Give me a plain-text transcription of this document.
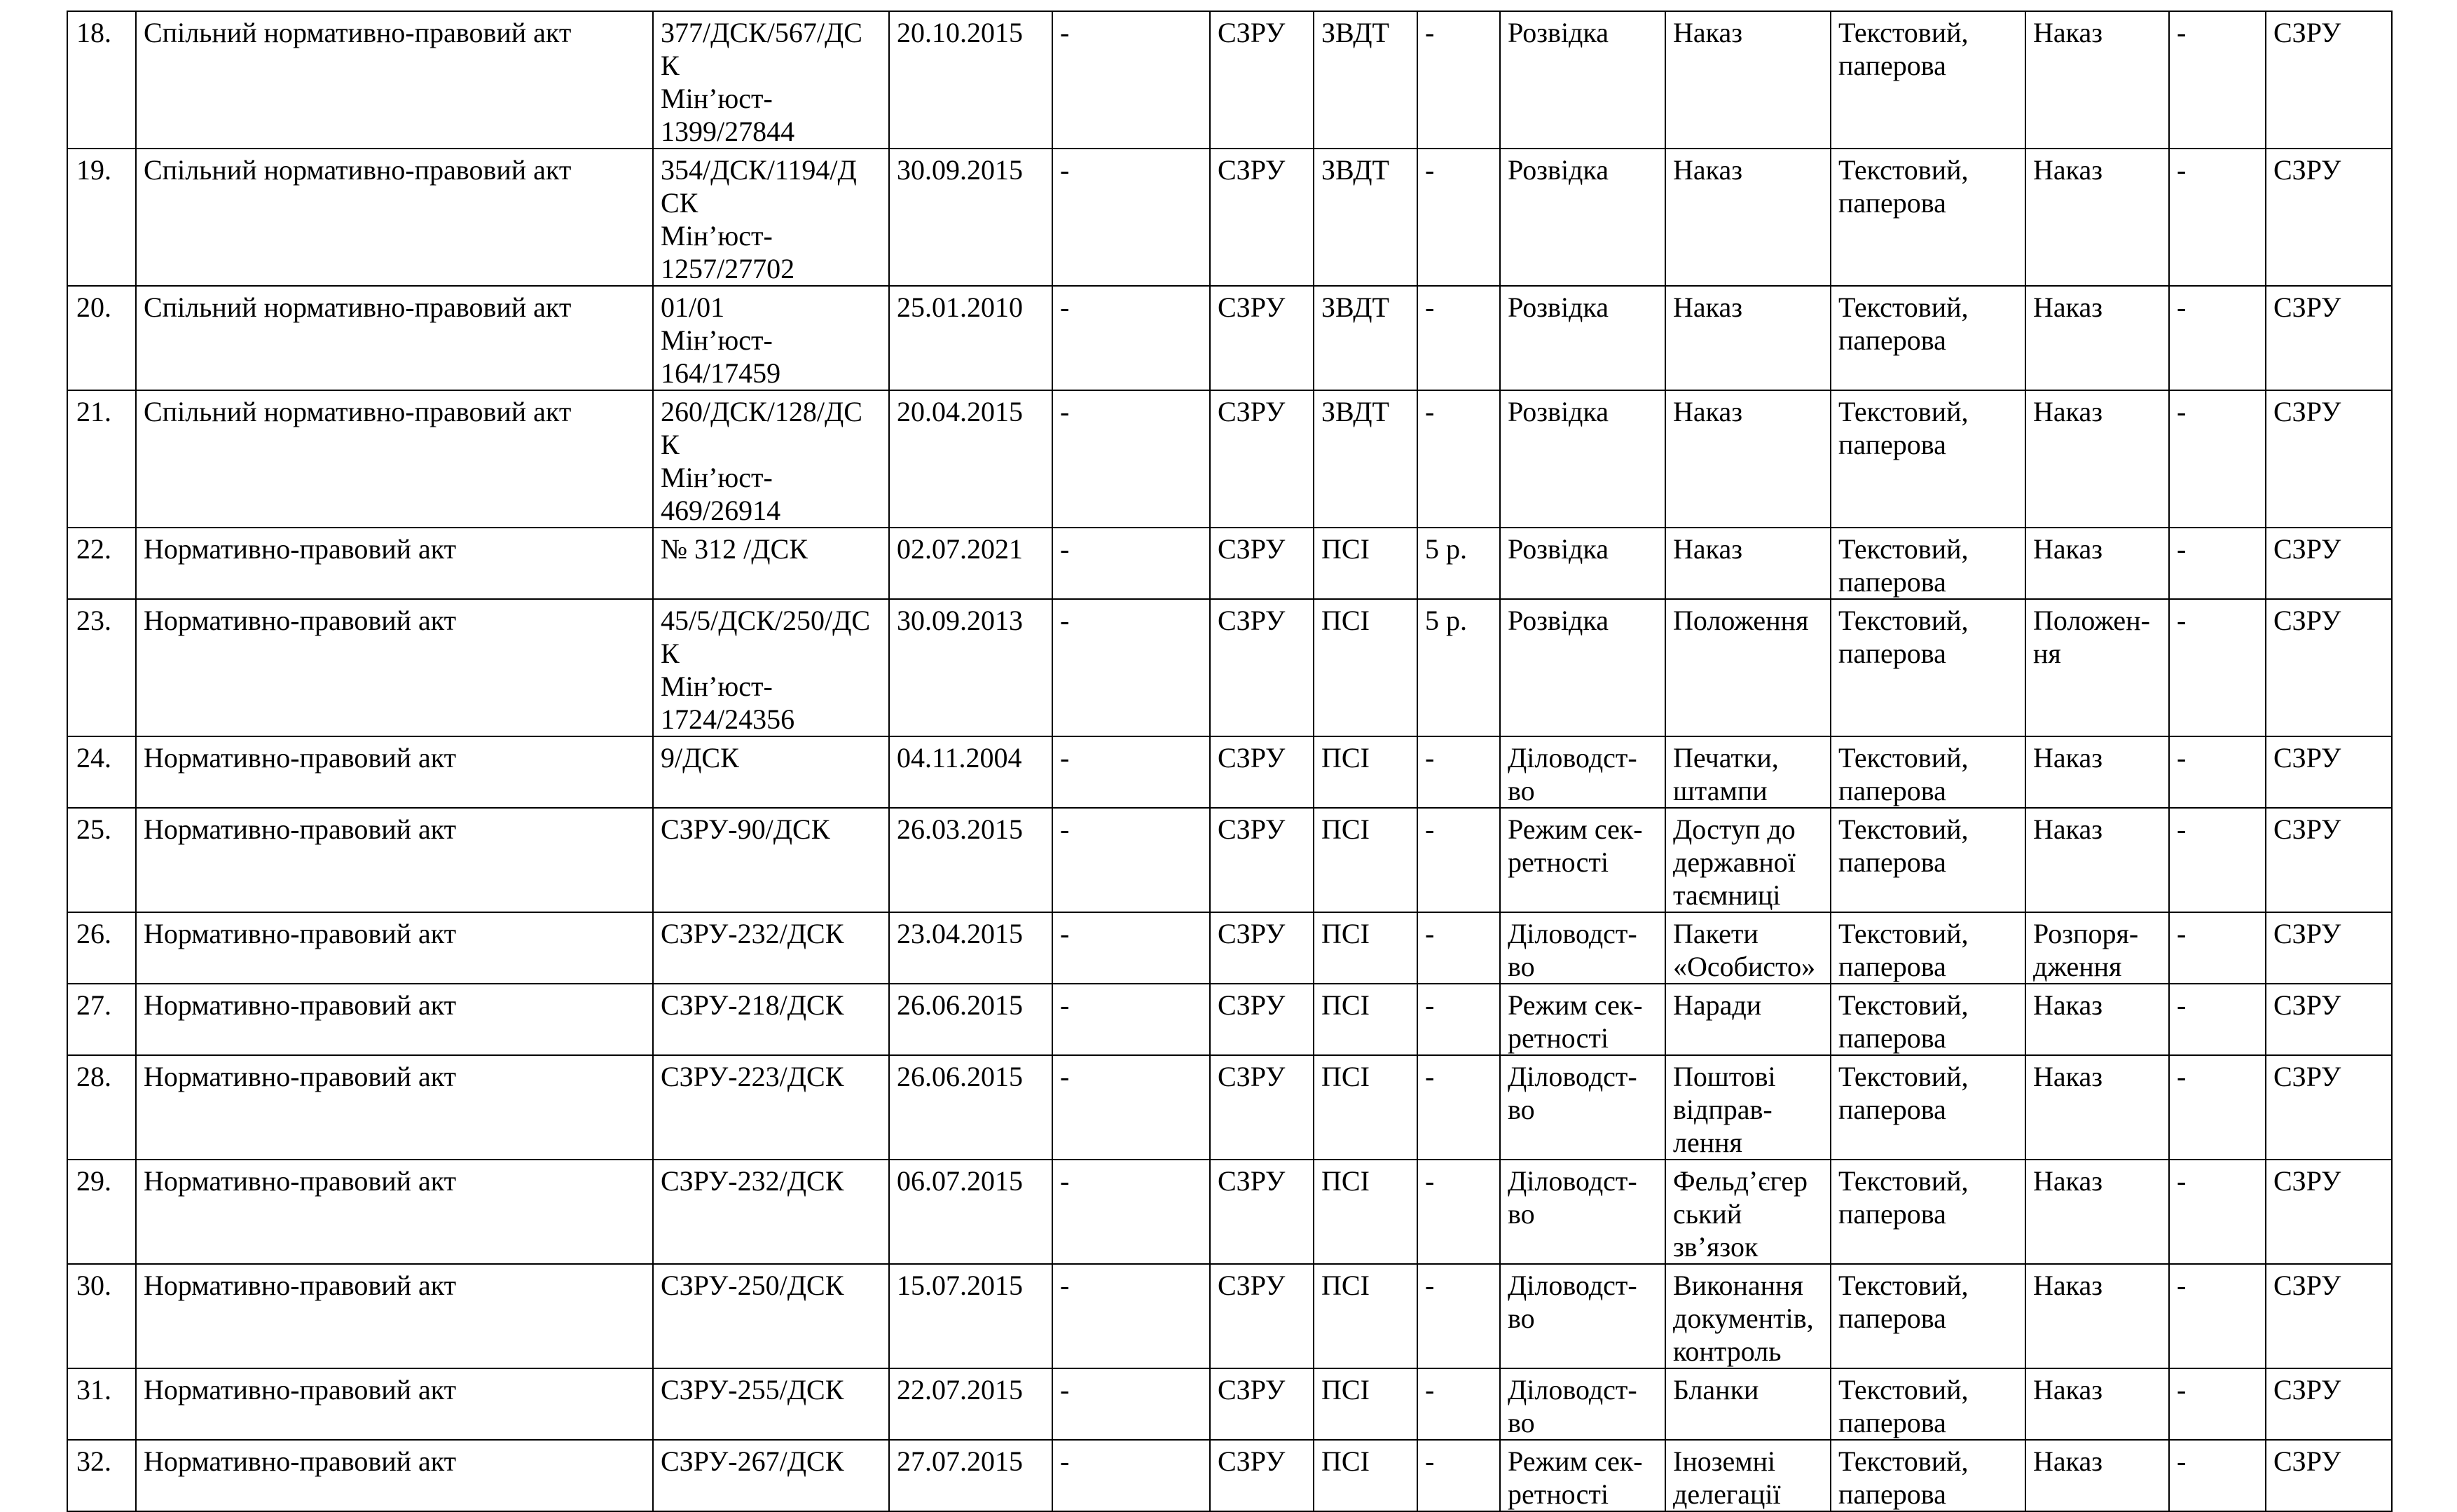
18.	Спільний нормативно-правовий акт	377/ДСК/567/ДС
К
Мін’юст-
1399/27844	20.10.2015	-	СЗРУ	ЗВДТ	-	Розвідка	Наказ	Текстовий,
паперова	Наказ	-	СЗРУ
19.	Спільний нормативно-правовий акт	354/ДСК/1194/Д
СК
Мін’юст-
1257/27702	30.09.2015	-	СЗРУ	ЗВДТ	-	Розвідка	Наказ	Текстовий,
паперова	Наказ	-	СЗРУ
20.	Спільний нормативно-правовий акт	01/01
Мін’юст-
164/17459	25.01.2010	-	СЗРУ	ЗВДТ	-	Розвідка	Наказ	Текстовий,
паперова	Наказ	-	СЗРУ
21.	Спільний нормативно-правовий акт	260/ДСК/128/ДС
К
Мін’юст-
469/26914	20.04.2015	-	СЗРУ	ЗВДТ	-	Розвідка	Наказ	Текстовий,
паперова	Наказ	-	СЗРУ
22.	Нормативно-правовий акт	№ 312 /ДСК	02.07.2021	-	СЗРУ	ПСІ	5 р.	Розвідка	Наказ	Текстовий,
паперова	Наказ	-	СЗРУ
23.	Нормативно-правовий акт	45/5/ДСК/250/ДС
К
Мін’юст-
1724/24356	30.09.2013	-	СЗРУ	ПСІ	5 р.	Розвідка	Положення	Текстовий,
паперова	Положен-
ня	-	СЗРУ
24.	Нормативно-правовий акт	9/ДСК	04.11.2004	-	СЗРУ	ПСІ	-	Діловодст-
во	Печатки,
штампи	Текстовий,
паперова	Наказ	-	СЗРУ
25.	Нормативно-правовий акт	СЗРУ-90/ДСК	26.03.2015	-	СЗРУ	ПСІ	-	Режим сек-
ретності	Доступ до
державної
таємниці	Текстовий,
паперова	Наказ	-	СЗРУ
26.	Нормативно-правовий акт	СЗРУ-232/ДСК	23.04.2015	-	СЗРУ	ПСІ	-	Діловодст-
во	Пакети
«Особисто»	Текстовий,
паперова	Розпоря-
дження	-	СЗРУ
27.	Нормативно-правовий акт	СЗРУ-218/ДСК	26.06.2015	-	СЗРУ	ПСІ	-	Режим сек-
ретності	Наради	Текстовий,
паперова	Наказ	-	СЗРУ
28.	Нормативно-правовий акт	СЗРУ-223/ДСК	26.06.2015	-	СЗРУ	ПСІ	-	Діловодст-
во	Поштові
відправ-
лення	Текстовий,
паперова	Наказ	-	СЗРУ
29.	Нормативно-правовий акт	СЗРУ-232/ДСК	06.07.2015	-	СЗРУ	ПСІ	-	Діловодст-
во	Фельд’єгер
ський
зв’язок	Текстовий,
паперова	Наказ	-	СЗРУ
30.	Нормативно-правовий акт	СЗРУ-250/ДСК	15.07.2015	-	СЗРУ	ПСІ	-	Діловодст-
во	Виконання
документів,
контроль	Текстовий,
паперова	Наказ	-	СЗРУ
31.	Нормативно-правовий акт	СЗРУ-255/ДСК	22.07.2015	-	СЗРУ	ПСІ	-	Діловодст-
во	Бланки	Текстовий,
паперова	Наказ	-	СЗРУ
32.	Нормативно-правовий акт	СЗРУ-267/ДСК	27.07.2015	-	СЗРУ	ПСІ	-	Режим сек-
ретності	Іноземні
делегації	Текстовий,
паперова	Наказ	-	СЗРУ
